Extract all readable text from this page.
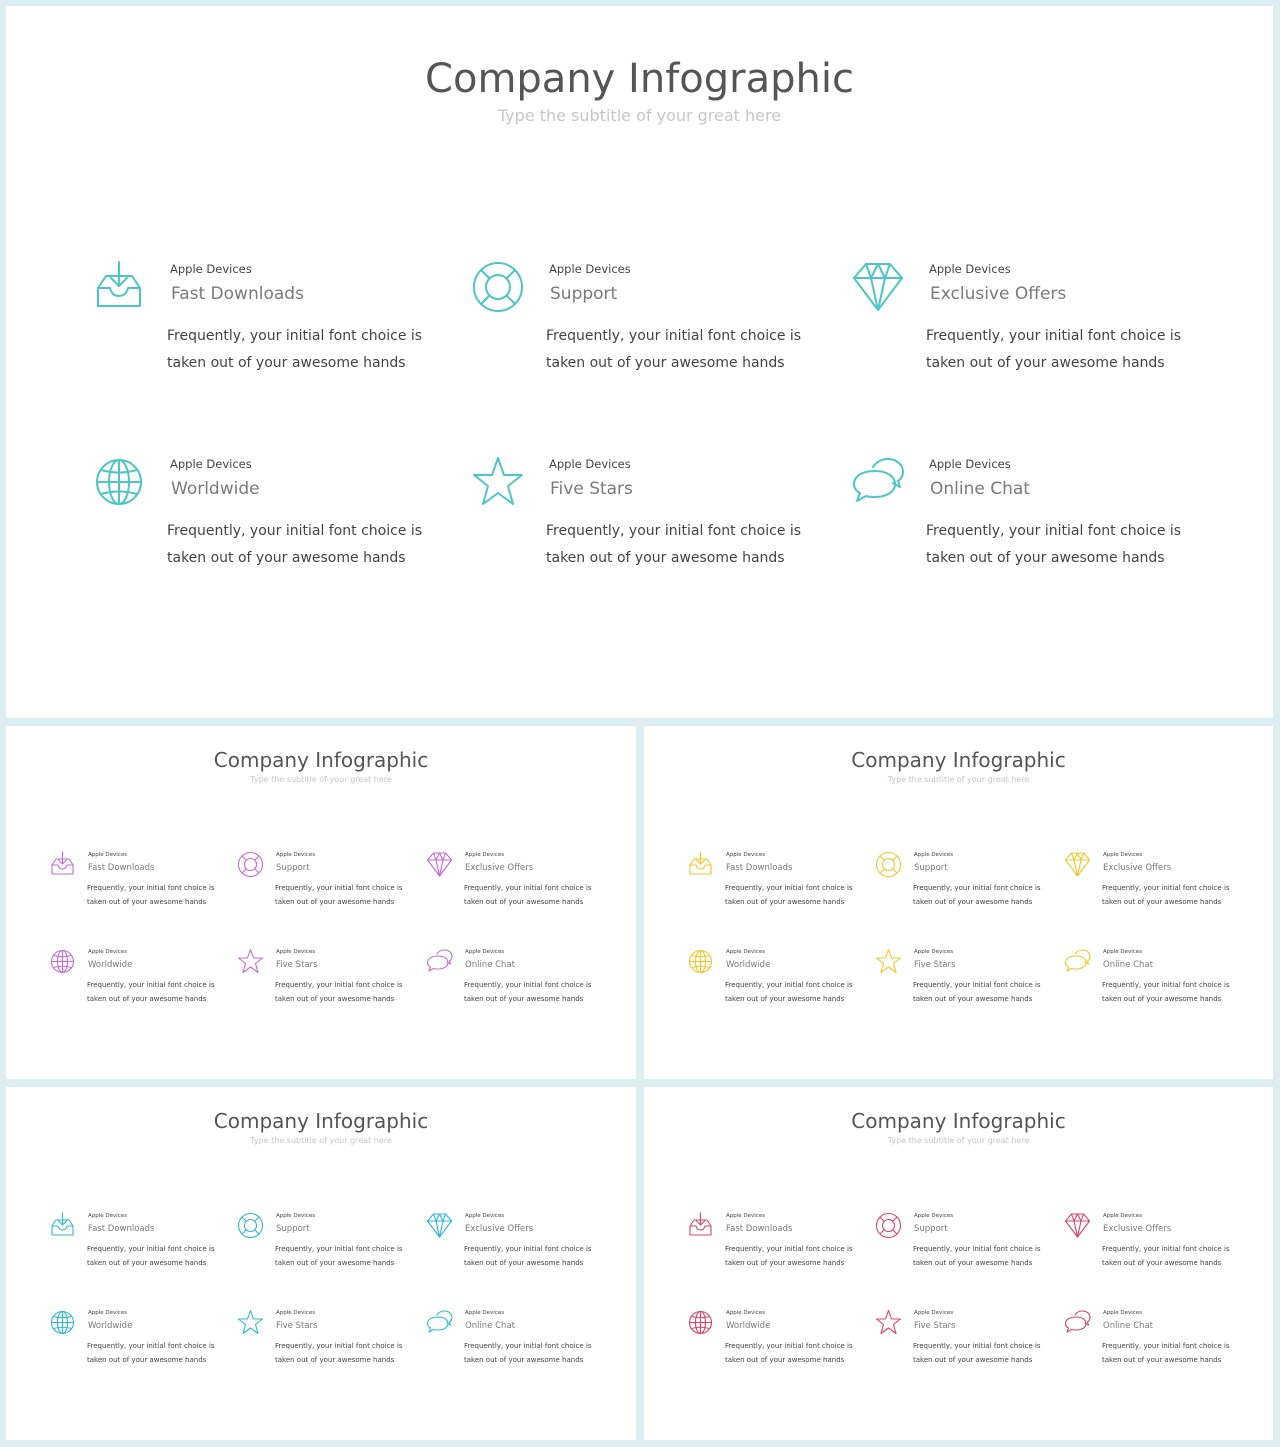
Company Infographic
Type the subtitle of your great here
Apple Devices
Fast Downloads
Frequently, your initial font choice is taken out of your awesome hands
Apple Devices
Support
Frequently, your initial font choice is taken out of your awesome hands
Apple Devices
Exclusive Offers
Frequently, your initial font choice is taken out of your awesome hands
Apple Devices
Worldwide
Frequently, your initial font choice is taken out of your awesome hands
Apple Devices
Five Stars
Frequently, your initial font choice is taken out of your awesome hands
Apple Devices
Online Chat
Frequently, your initial font choice is taken out of your awesome hands
Company Infographic
Type the subtitle of your great here
Apple Devices
Fast Downloads
Frequently, your initial font choice is taken out of your awesome hands
Apple Devices
Support
Frequently, your initial font choice is taken out of your awesome hands
Apple Devices
Exclusive Offers
Frequently, your initial font choice is taken out of your awesome hands
Apple Devices
Worldwide
Frequently, your initial font choice is taken out of your awesome hands
Apple Devices
Five Stars
Frequently, your initial font choice is taken out of your awesome hands
Apple Devices
Online Chat
Frequently, your initial font choice is taken out of your awesome hands
Company Infographic
Type the subtitle of your great here
Apple Devices
Fast Downloads
Frequently, your initial font choice is taken out of your awesome hands
Apple Devices
Support
Frequently, your initial font choice is taken out of your awesome hands
Apple Devices
Exclusive Offers
Frequently, your initial font choice is taken out of your awesome hands
Apple Devices
Worldwide
Frequently, your initial font choice is taken out of your awesome hands
Apple Devices
Five Stars
Frequently, your initial font choice is taken out of your awesome hands
Apple Devices
Online Chat
Frequently, your initial font choice is taken out of your awesome hands
Company Infographic
Type the subtitle of your great here
Apple Devices
Fast Downloads
Frequently, your initial font choice is taken out of your awesome hands
Apple Devices
Support
Frequently, your initial font choice is taken out of your awesome hands
Apple Devices
Exclusive Offers
Frequently, your initial font choice is taken out of your awesome hands
Apple Devices
Worldwide
Frequently, your initial font choice is taken out of your awesome hands
Apple Devices
Five Stars
Frequently, your initial font choice is taken out of your awesome hands
Apple Devices
Online Chat
Frequently, your initial font choice is taken out of your awesome hands
Company Infographic
Type the subtitle of your great here
Apple Devices
Fast Downloads
Frequently, your initial font choice is taken out of your awesome hands
Apple Devices
Support
Frequently, your initial font choice is taken out of your awesome hands
Apple Devices
Exclusive Offers
Frequently, your initial font choice is taken out of your awesome hands
Apple Devices
Worldwide
Frequently, your initial font choice is taken out of your awesome hands
Apple Devices
Five Stars
Frequently, your initial font choice is taken out of your awesome hands
Apple Devices
Online Chat
Frequently, your initial font choice is taken out of your awesome hands
